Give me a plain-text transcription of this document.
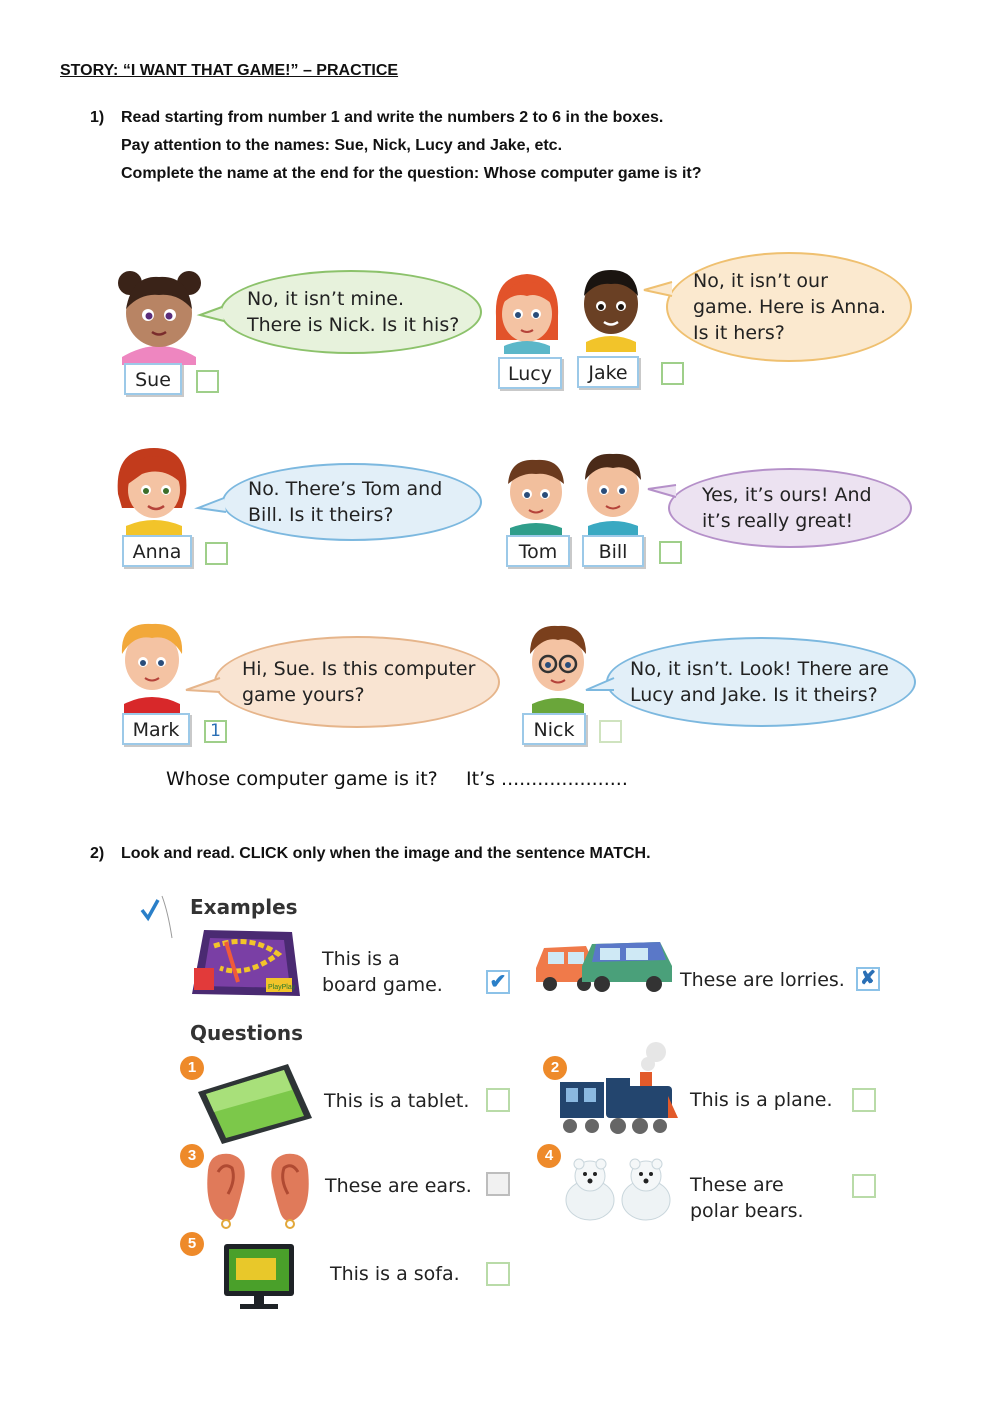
STORY: “I WANT THAT GAME!” – PRACTICE
1) Read starting from number 1 and write the numbers 2 to 6 in the boxes.
Pay attention to the names: Sue, Nick, Lucy and Jake, etc.
Complete the name at the end for the question: Whose computer game is it?
No, it isn’t mine.
There is Nick. Is it his?
Sue
No, it isn’t our
game. Here is Anna.
Is it hers?
Lucy	Jake
No. There’s Tom and
Bill. Is it theirs?
Anna
Yes, it’s ours! And
it’s really great!
Tom	Bill
Hi, Sue. Is this computer
game yours?
Mark	1
No, it isn’t. Look! There are
Lucy and Jake. Is it theirs?
Nick
Whose computer game is it? It’s .....................
2) Look and read. CLICK only when the image and the sentence MATCH.
Examples
PlayPlay
This is a
board game. ✔	These are lorries. ✘
Questions
1
This is a tablet.
2
This is a plane.
3
These are ears.
4
These are
polar bears.
5
This is a sofa.
